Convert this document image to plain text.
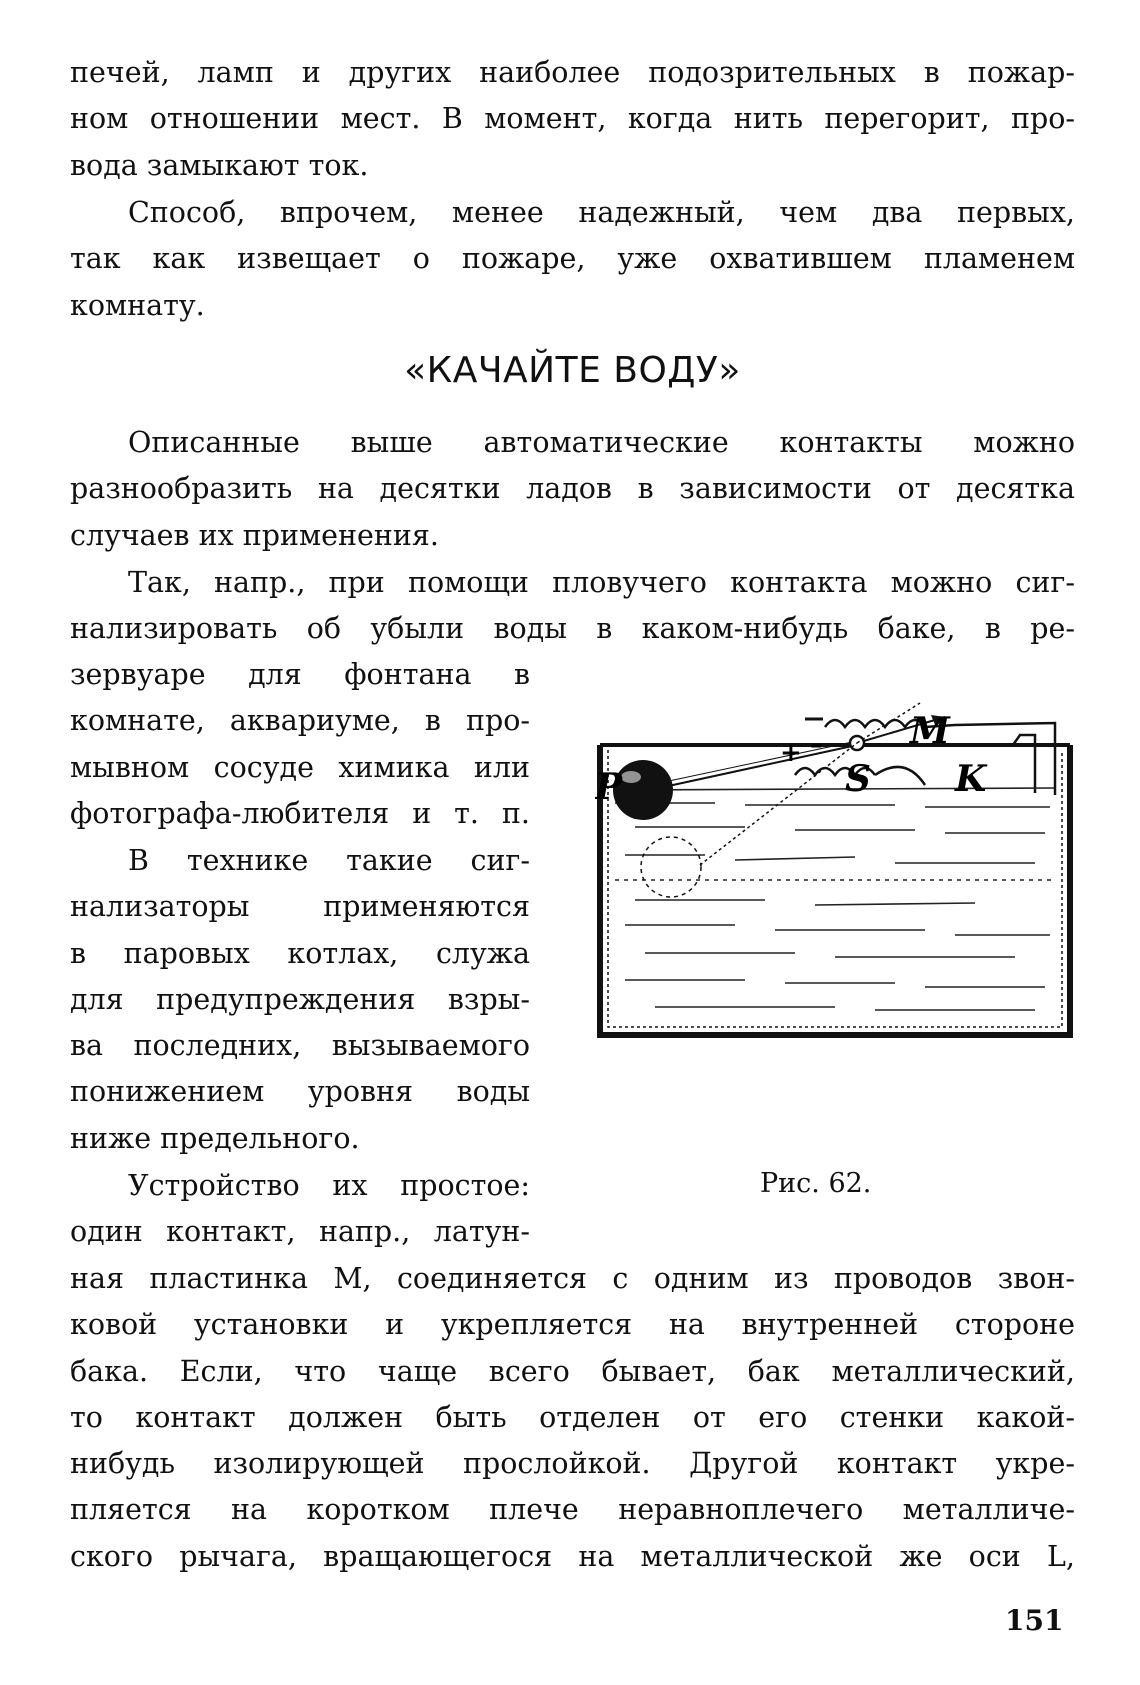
печей, ламп и других наиболее подозрительных в пожар-
ном отношении мест. В момент, когда нить перегорит, про-
вода замыкают ток.

Способ, впрочем, менее надежный, чем два первых,
так как извещает о пожаре, уже охватившем пламенем
комнату.

«КАЧАЙТЕ ВОДУ»

Описанные выше автоматические контакты можно
разнообразить на десятки ладов в зависимости от десятка
случаев их применения.

Так, напр., при помощи пловучего контакта можно сиг-
нализировать об убыли воды в каком-нибудь баке, в ре-

зервуаре для фонтана в
комнате, аквариуме, в про-
мывном сосуде химика или
фотографа-любителя и т. п.

В технике такие сиг-
нализаторы применяются
в паровых котлах, служа
для предупреждения взры-
ва последних, вызываемого
понижением уровня воды
ниже предельного.

Устройство их простое:
один контакт, напр., латун-

ная пластинка М, соединяется с одним из проводов звон-
ковой установки и укрепляется на внутренней стороне
бака. Если, что чаще всего бывает, бак металлический,
то контакт должен быть отделен от его стенки какой-
нибудь изолирующей прослойкой. Другой контакт укре-
пляется на коротком плече неравноплечего металличе-
ского рычага, вращающегося на металлической же оси L,

–
+
M
P	S K

Рис. 62.

151
